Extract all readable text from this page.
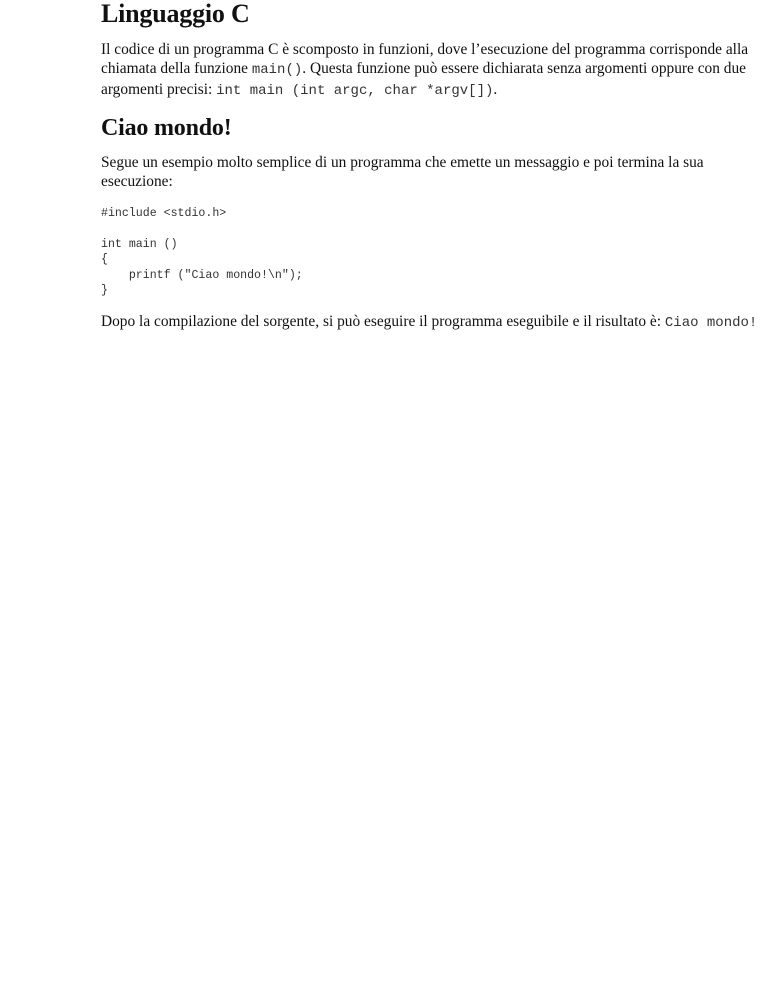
Linguaggio C

Il codice di un programma C è scomposto in funzioni, dove l’esecuzione del programma corrisponde alla chiamata della funzione main(). Questa funzione può essere dichiarata senza argomenti oppure con due argomenti precisi: int main (int argc, char *argv[]).

Ciao mondo!

Segue un esempio molto semplice di un programma che emette un messaggio e poi termina la sua esecuzione:

#include <stdio.h>

int main ()
{
printf ("Ciao mondo!\n");
}

Dopo la compilazione del sorgente, si può eseguire il programma eseguibile e il risultato è: Ciao mondo!
